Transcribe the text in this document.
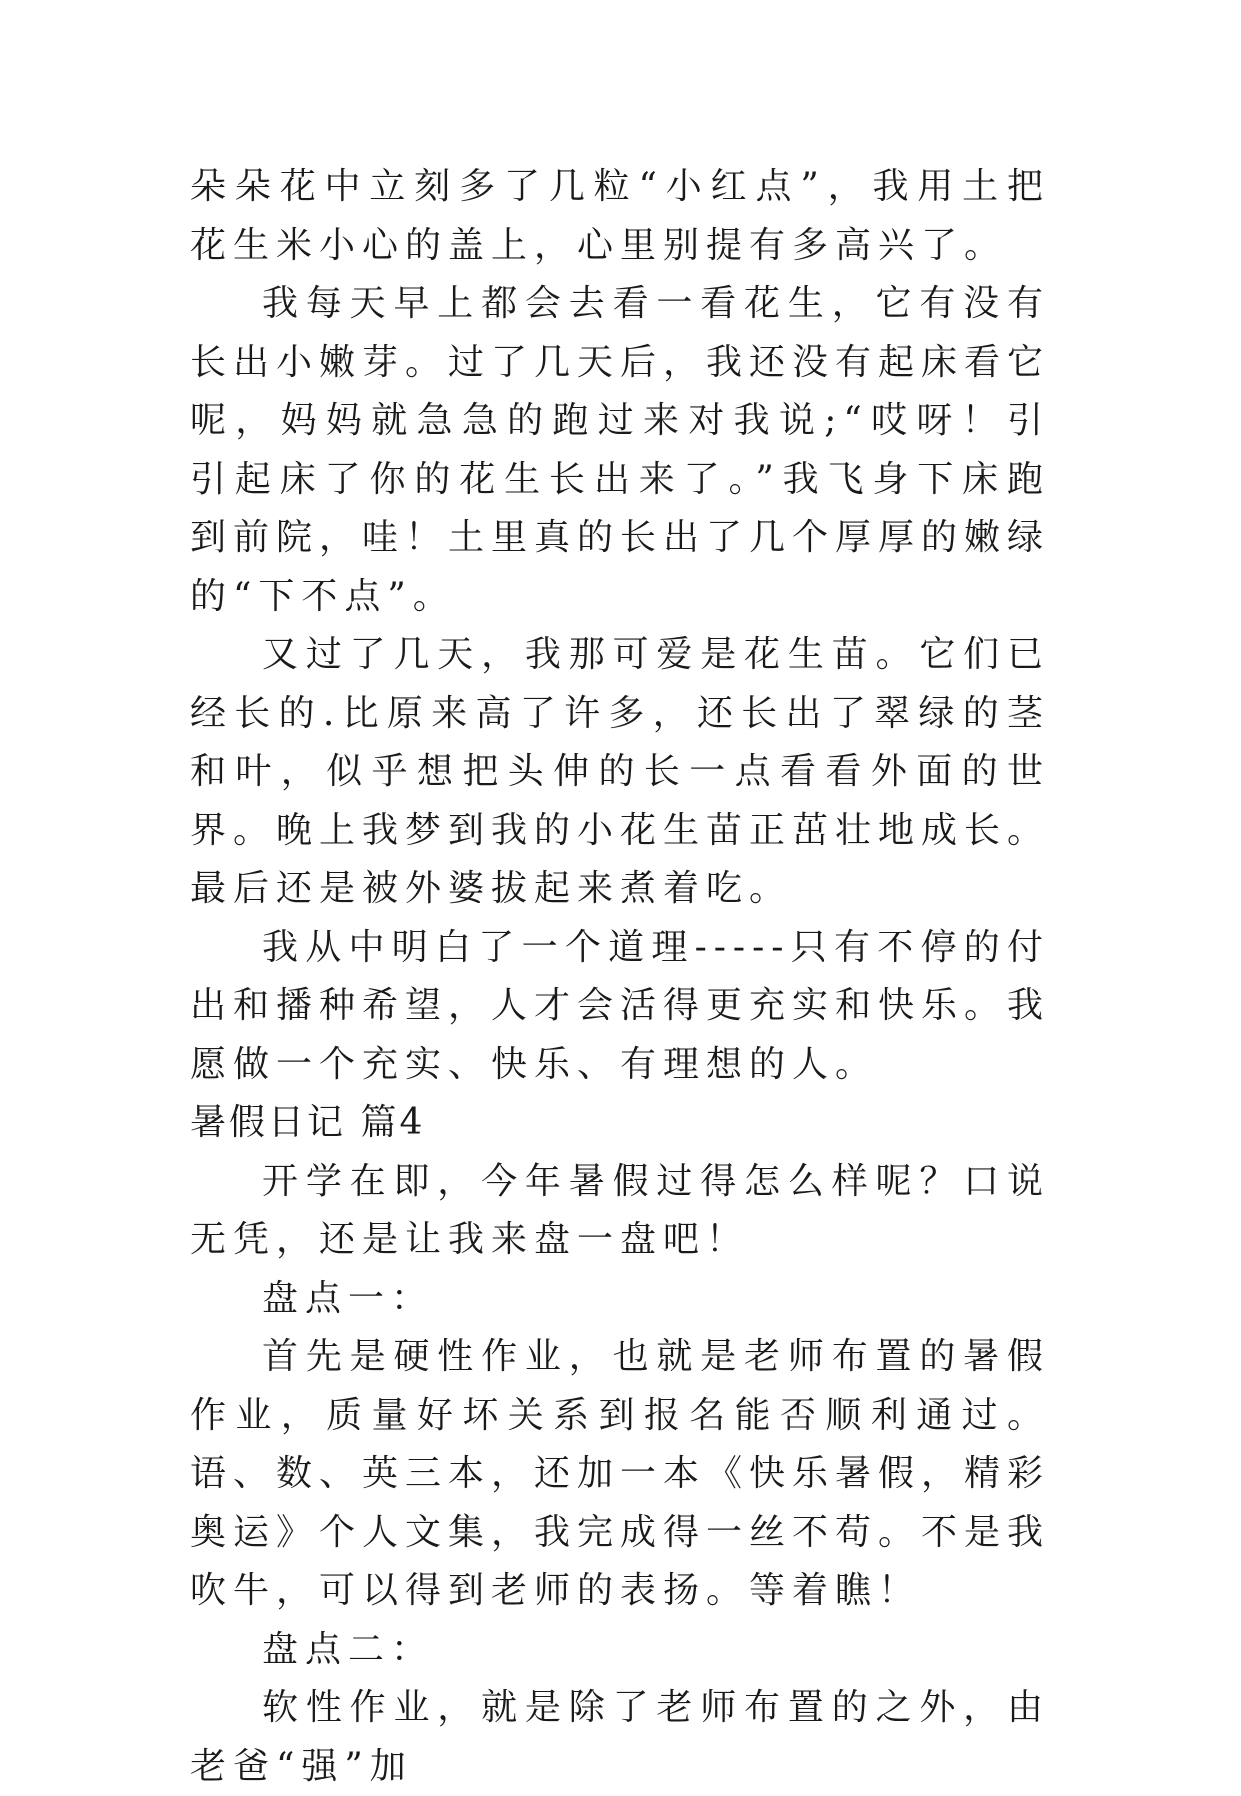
朵朵花中立刻多了几粒“小红点”，我用土把花生米小心的盖上，心里别提有多高兴了。

我每天早上都会去看一看花生，它有没有长出小嫩芽。过了几天后，我还没有起床看它呢，妈妈就急急的跑过来对我说;“哎呀！引引起床了你的花生长出来了。”我飞身下床跑到前院，哇！土里真的长出了几个厚厚的嫩绿的“下不点”。

又过了几天，我那可爱是花生苗。它们已经长的.比原来高了许多，还长出了翠绿的茎和叶，似乎想把头伸的长一点看看外面的世界。晚上我梦到我的小花生苗正茁壮地成长。最后还是被外婆拔起来煮着吃。

我从中明白了一个道理-----只有不停的付出和播种希望，人才会活得更充实和快乐。我愿做一个充实、快乐、有理想的人。

暑假日记 篇4

开学在即，今年暑假过得怎么样呢？口说无凭，还是让我来盘一盘吧！

盘点一：

首先是硬性作业，也就是老师布置的暑假作业，质量好坏关系到报名能否顺利通过。语、数、英三本，还加一本《快乐暑假，精彩奥运》个人文集，我完成得一丝不苟。不是我吹牛，可以得到老师的表扬。等着瞧！

盘点二：

软性作业，就是除了老师布置的之外，由老爸“强”加
